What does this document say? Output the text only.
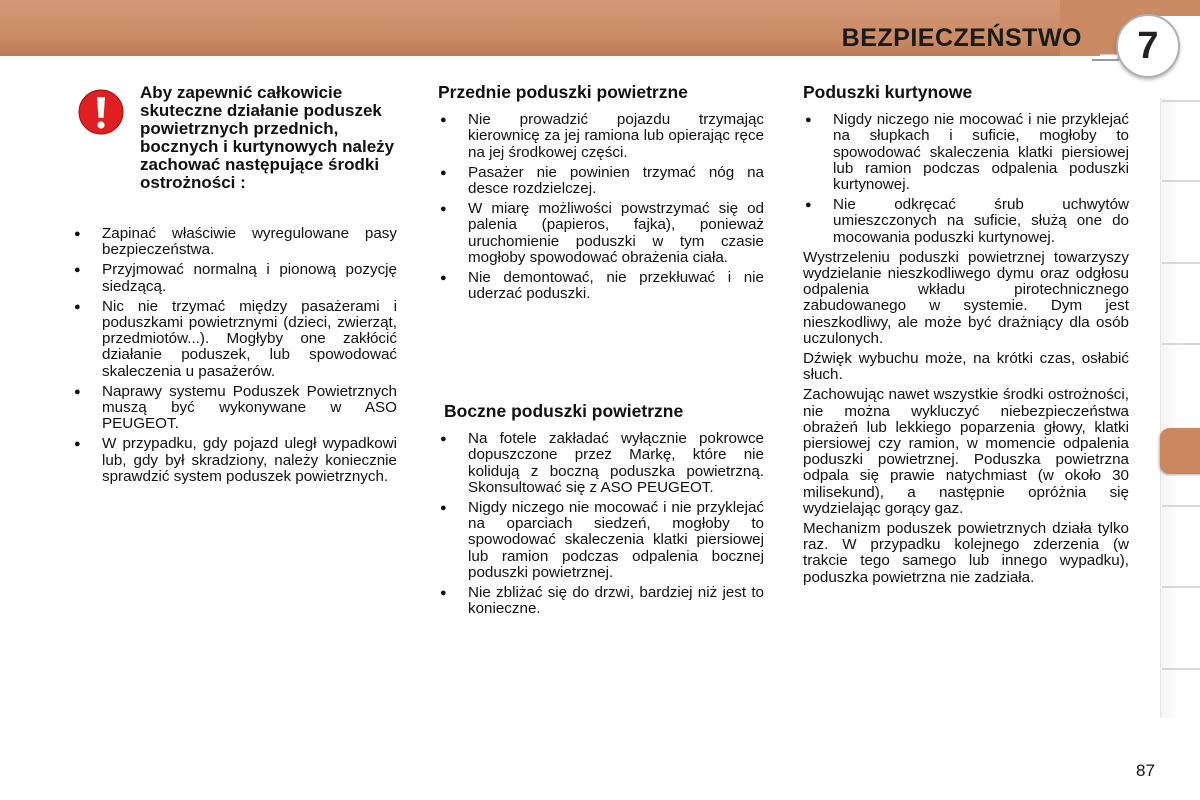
BEZPIECZEŃSTWO	7
Aby zapewnić całkowicie skuteczne działanie poduszek powietrznych przednich, bocznych i kurtynowych należy zachować następujące środki ostrożności :
● Zapinać właściwie wyregulowane pasy bezpieczeństwa.
● Przyjmować normalną i pionową pozycję siedzącą.
● Nic nie trzymać między pasażerami i poduszkami powietrznymi (dzieci, zwierząt, przedmiotów...). Mogłyby one zakłócić działanie poduszek, lub spowodować skaleczenia u pasażerów.
● Naprawy systemu Poduszek Powietrznych muszą być wykonywane w ASO PEUGEOT.
● W przypadku, gdy pojazd uległ wypadkowi lub, gdy był skradziony, należy koniecznie sprawdzić system poduszek powietrznych.
Przednie poduszki powietrzne
● Nie prowadzić pojazdu trzymając kierownicę za jej ramiona lub opierając ręce na jej środkowej części.
● Pasażer nie powinien trzymać nóg na desce rozdzielczej.
● W miarę możliwości powstrzymać się od palenia (papieros, fajka), ponieważ uruchomienie poduszki w tym czasie mogłoby spowodować obrażenia ciała.
● Nie demontować, nie przekłuwać i nie uderzać poduszki.
Boczne poduszki powietrzne
● Na fotele zakładać wyłącznie pokrowce dopuszczone przez Markę, które nie kolidują z boczną poduszka powietrzną. Skonsultować się z ASO PEUGEOT.
● Nigdy niczego nie mocować i nie przyklejać na oparciach siedzeń, mogłoby to spowodować skaleczenia klatki piersiowej lub ramion podczas odpalenia bocznej poduszki powietrznej.
● Nie zbliżać się do drzwi, bardziej niż jest to konieczne.
Poduszki kurtynowe
● Nigdy niczego nie mocować i nie przyklejać na słupkach i suficie, mogłoby to spowodować skaleczenia klatki piersiowej lub ramion podczas odpalenia poduszki kurtynowej.
● Nie odkręcać śrub uchwytów umieszczonych na suficie, służą one do mocowania poduszki kurtynowej.

Wystrzeleniu poduszki powietrznej towarzyszy wydzielanie nieszkodliwego dymu oraz odgłosu odpalenia wkładu pirotechnicznego zabudowanego w systemie. Dym jest nieszkodliwy, ale może być drażniący dla osób uczulonych.

Dźwięk wybuchu może, na krótki czas, osłabić słuch.

Zachowując nawet wszystkie środki ostrożności, nie można wykluczyć niebezpieczeństwa obrażeń lub lekkiego poparzenia głowy, klatki piersiowej czy ramion, w momencie odpalenia poduszki powietrznej. Poduszka powietrzna odpala się prawie natychmiast (w około 30 milisekund), a następnie opróżnia się wydzielając gorący gaz.

Mechanizm poduszek powietrznych działa tylko raz. W przypadku kolejnego zderzenia (w trakcie tego samego lub innego wypadku), poduszka powietrzna nie zadziała.

87
